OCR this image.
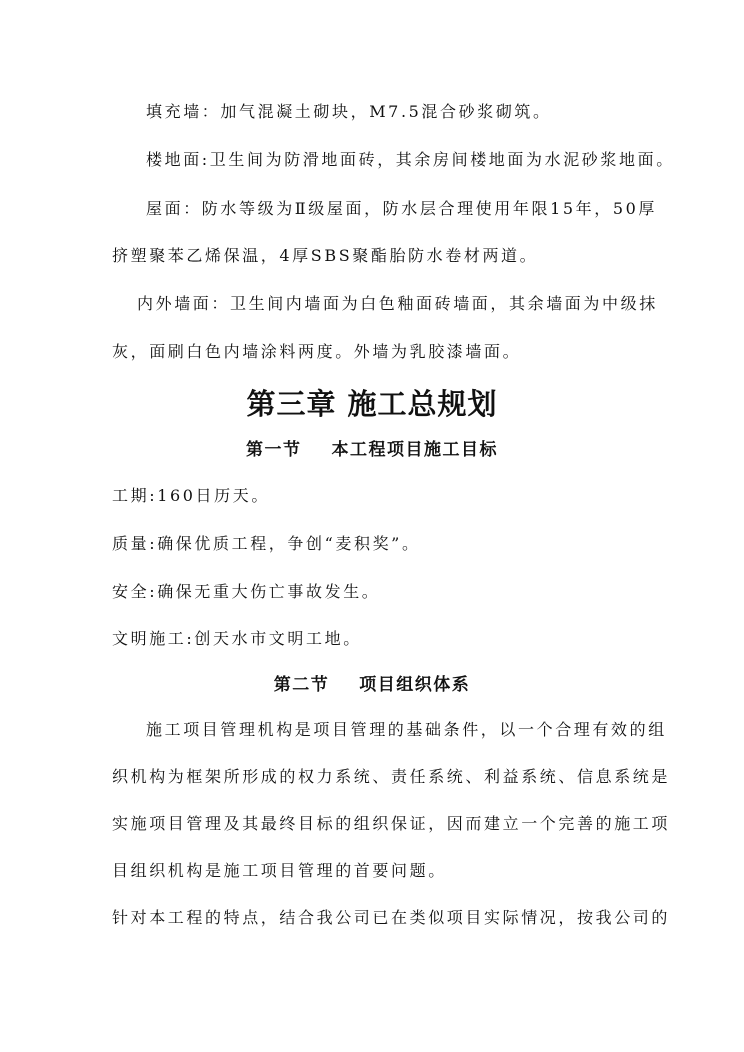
填充墙：加气混凝土砌块，M7.5混合砂浆砌筑。
楼地面:卫生间为防滑地面砖，其余房间楼地面为水泥砂浆地面。
屋面：防水等级为Ⅱ级屋面，防水层合理使用年限15年，50厚
挤塑聚苯乙烯保温，4厚SBS聚酯胎防水卷材两道。
内外墙面：卫生间内墙面为白色釉面砖墙面，其余墙面为中级抹
灰，面刷白色内墙涂料两度。外墙为乳胶漆墙面。
第三章 施工总规划
第一节 本工程项目施工目标
工期:160日历天。
质量:确保优质工程，争创“麦积奖”。
安全:确保无重大伤亡事故发生。
文明施工:创天水市文明工地。
第二节 项目组织体系
施工项目管理机构是项目管理的基础条件，以一个合理有效的组
织机构为框架所形成的权力系统、责任系统、利益系统、信息系统是
实施项目管理及其最终目标的组织保证，因而建立一个完善的施工项
目组织机构是施工项目管理的首要问题。
针对本工程的特点，结合我公司已在类似项目实际情况，按我公司的
